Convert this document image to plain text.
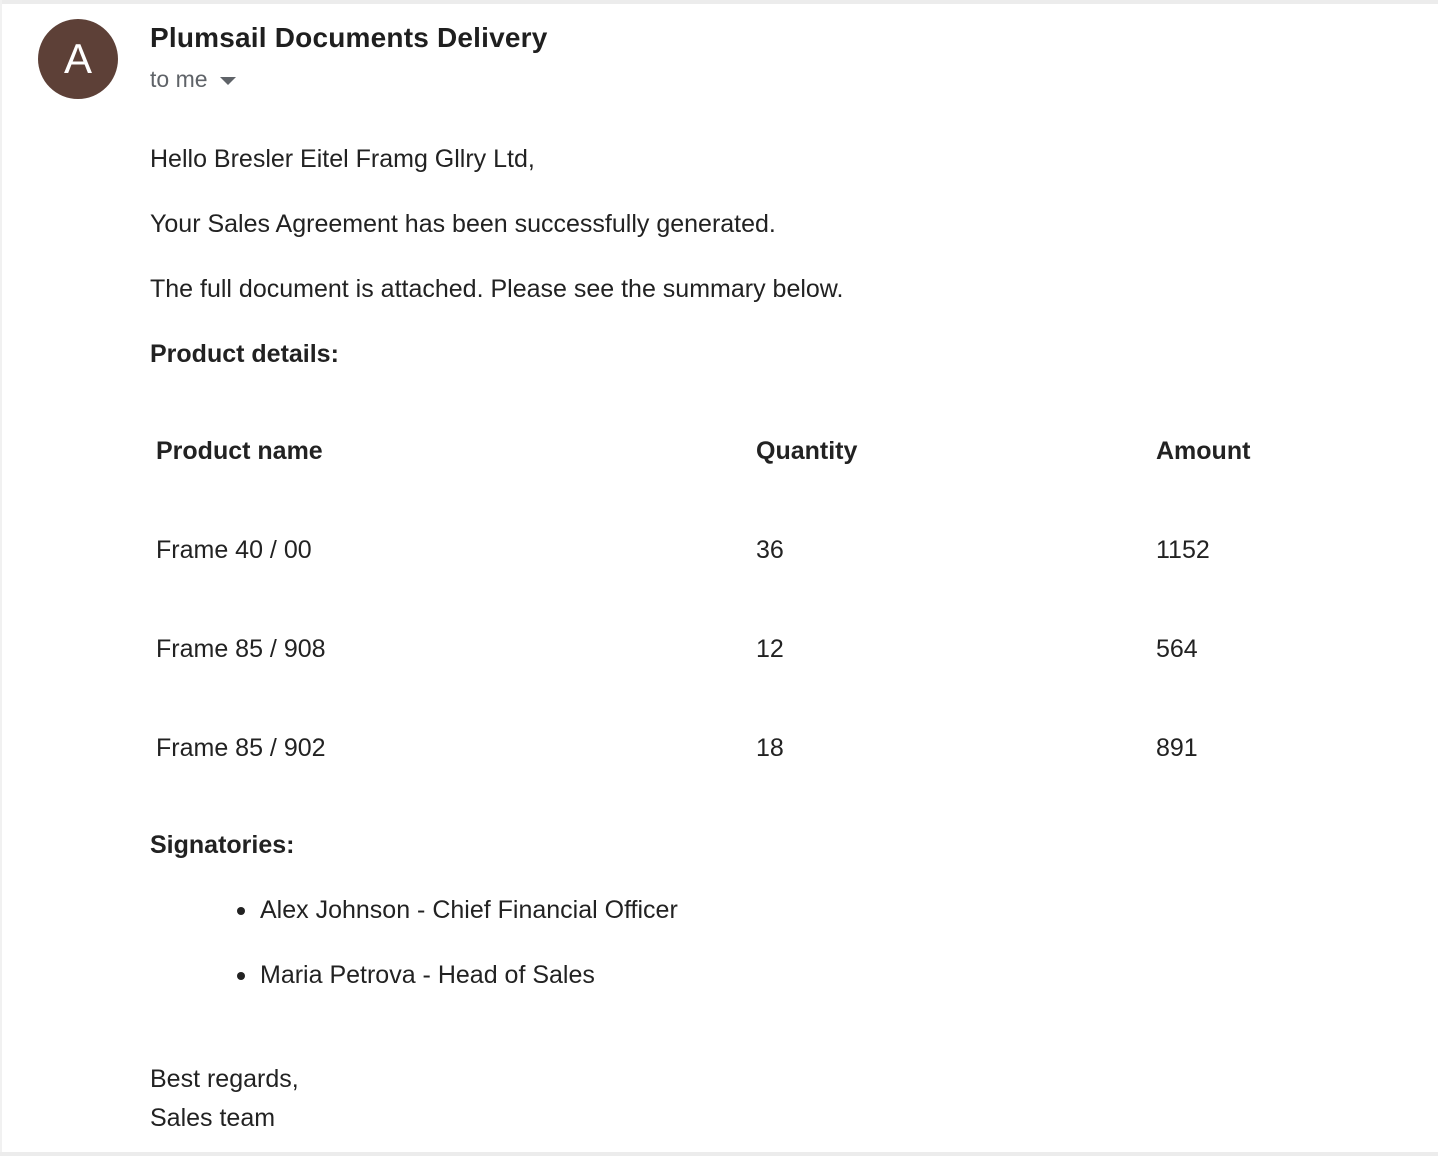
A	Plumsail Documents Delivery
to me
Hello Bresler Eitel Framg Gllry Ltd,
Your Sales Agreement has been successfully generated.
The full document is attached. Please see the summary below.
Product details:
Product name	Quantity	Amount
Frame 40 / 00	36	1152
Frame 85 / 908	12	564
Frame 85 / 902	18	891
Signatories:
Alex Johnson - Chief Financial Officer
Maria Petrova - Head of Sales
Best regards,
Sales team
